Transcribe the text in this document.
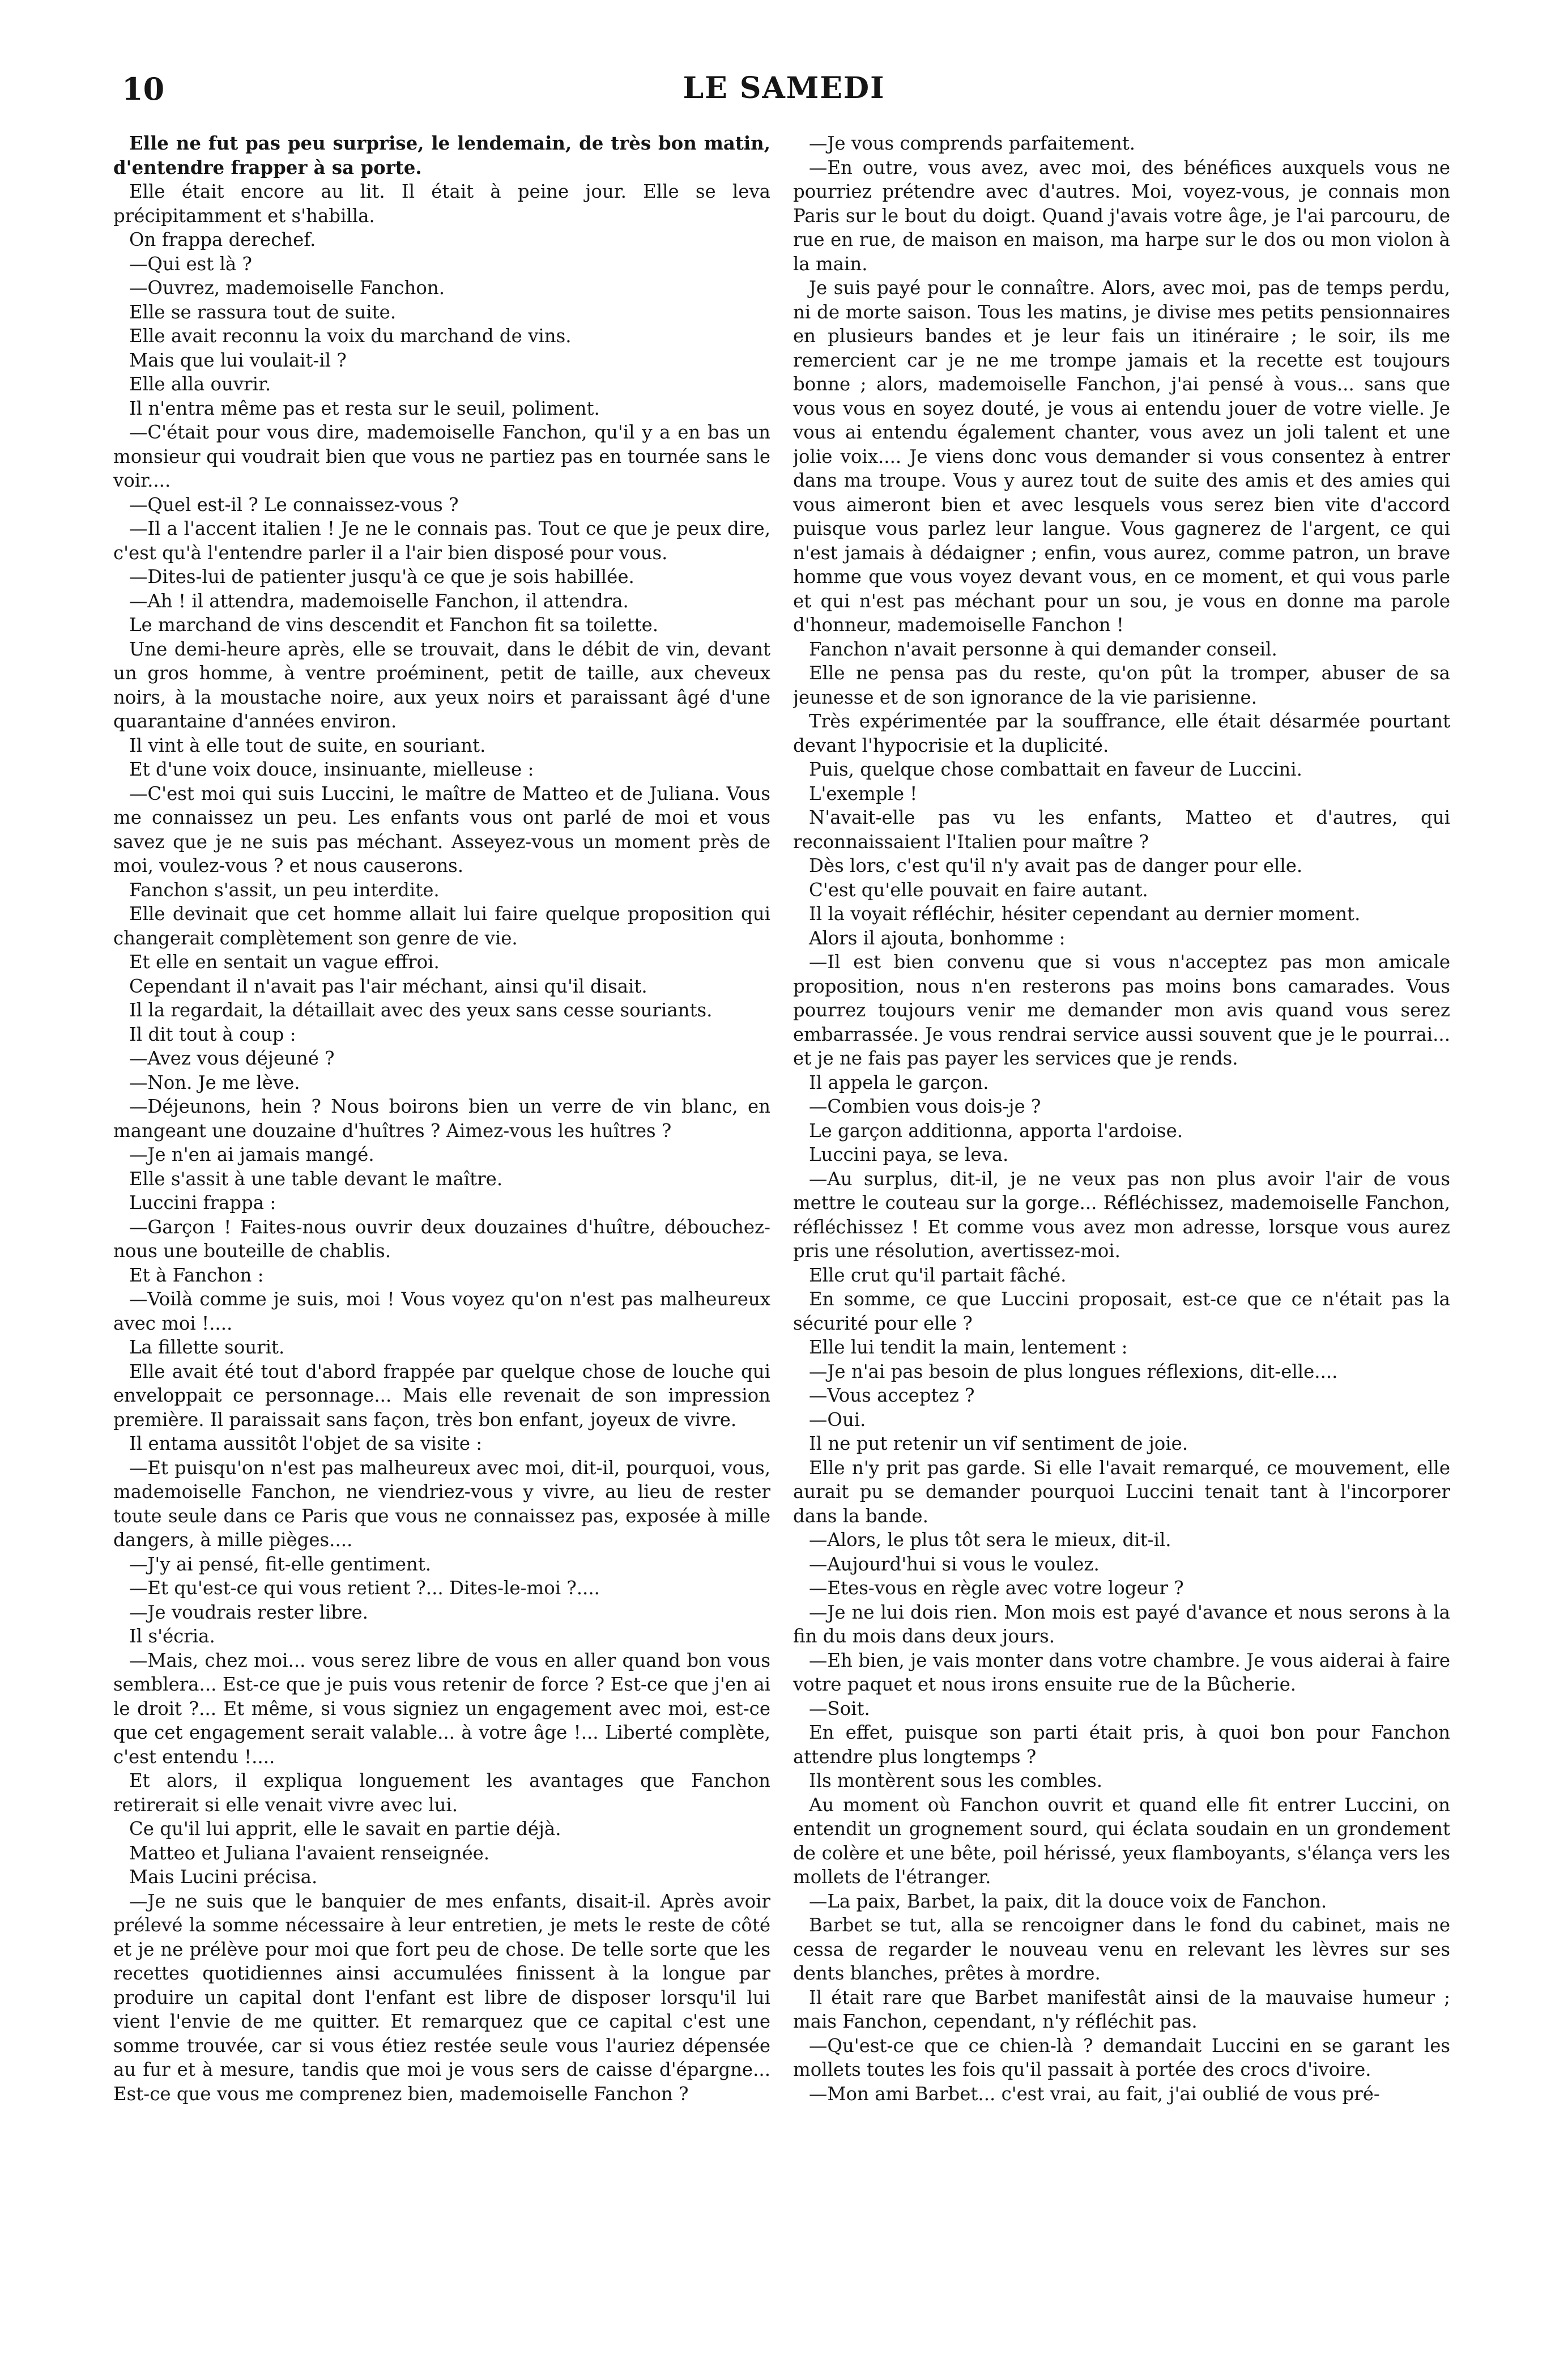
10	LE SAMEDI

Elle ne fut pas peu surprise, le lendemain, de très bon matin, d'entendre frapper à sa porte.

Elle était encore au lit. Il était à peine jour. Elle se leva précipitamment et s'habilla.

On frappa derechef.

—Qui est là ?

—Ouvrez, mademoiselle Fanchon.

Elle se rassura tout de suite.

Elle avait reconnu la voix du marchand de vins.

Mais que lui voulait-il ?

Elle alla ouvrir.

Il n'entra même pas et resta sur le seuil, poliment.

—C'était pour vous dire, mademoiselle Fanchon, qu'il y a en bas un monsieur qui voudrait bien que vous ne partiez pas en tournée sans le voir....

—Quel est-il ? Le connaissez-vous ?

—Il a l'accent italien ! Je ne le connais pas. Tout ce que je peux dire, c'est qu'à l'entendre parler il a l'air bien disposé pour vous.

—Dites-lui de patienter jusqu'à ce que je sois habillée.

—Ah ! il attendra, mademoiselle Fanchon, il attendra.

Le marchand de vins descendit et Fanchon fit sa toilette.

Une demi-heure après, elle se trouvait, dans le débit de vin, devant un gros homme, à ventre proéminent, petit de taille, aux cheveux noirs, à la moustache noire, aux yeux noirs et paraissant âgé d'une quarantaine d'années environ.

Il vint à elle tout de suite, en souriant.

Et d'une voix douce, insinuante, mielleuse :

—C'est moi qui suis Luccini, le maître de Matteo et de Juliana. Vous me connaissez un peu. Les enfants vous ont parlé de moi et vous savez que je ne suis pas méchant. Asseyez-vous un moment près de moi, voulez-vous ? et nous causerons.

Fanchon s'assit, un peu interdite.

Elle devinait que cet homme allait lui faire quelque proposition qui changerait complètement son genre de vie.

Et elle en sentait un vague effroi.

Cependant il n'avait pas l'air méchant, ainsi qu'il disait.

Il la regardait, la détaillait avec des yeux sans cesse souriants.

Il dit tout à coup :

—Avez vous déjeuné ?

—Non. Je me lève.

—Déjeunons, hein ? Nous boirons bien un verre de vin blanc, en mangeant une douzaine d'huîtres ? Aimez-vous les huîtres ?

—Je n'en ai jamais mangé.

Elle s'assit à une table devant le maître.

Luccini frappa :

—Garçon ! Faites-nous ouvrir deux douzaines d'huître, débouchez-nous une bouteille de chablis.

Et à Fanchon :

—Voilà comme je suis, moi ! Vous voyez qu'on n'est pas malheureux avec moi !....

La fillette sourit.

Elle avait été tout d'abord frappée par quelque chose de louche qui enveloppait ce personnage... Mais elle revenait de son impression première. Il paraissait sans façon, très bon enfant, joyeux de vivre.

Il entama aussitôt l'objet de sa visite :

—Et puisqu'on n'est pas malheureux avec moi, dit-il, pourquoi, vous, mademoiselle Fanchon, ne viendriez-vous y vivre, au lieu de rester toute seule dans ce Paris que vous ne connaissez pas, exposée à mille dangers, à mille pièges....

—J'y ai pensé, fit-elle gentiment.

—Et qu'est-ce qui vous retient ?... Dites-le-moi ?....

—Je voudrais rester libre.

Il s'écria.

—Mais, chez moi... vous serez libre de vous en aller quand bon vous semblera... Est-ce que je puis vous retenir de force ? Est-ce que j'en ai le droit ?... Et même, si vous signiez un engagement avec moi, est-ce que cet engagement serait valable... à votre âge !... Liberté complète, c'est entendu !....

Et alors, il expliqua longuement les avantages que Fanchon retirerait si elle venait vivre avec lui.

Ce qu'il lui apprit, elle le savait en partie déjà.

Matteo et Juliana l'avaient renseignée.

Mais Lucini précisa.

—Je ne suis que le banquier de mes enfants, disait-il. Après avoir prélevé la somme nécessaire à leur entretien, je mets le reste de côté et je ne prélève pour moi que fort peu de chose. De telle sorte que les recettes quotidiennes ainsi accumulées finissent à la longue par produire un capital dont l'enfant est libre de disposer lorsqu'il lui vient l'envie de me quitter. Et remarquez que ce capital c'est une somme trouvée, car si vous étiez restée seule vous l'auriez dépensée au fur et à mesure, tandis que moi je vous sers de caisse d'épargne... Est-ce que vous me comprenez bien, mademoiselle Fanchon ?

—Je vous comprends parfaitement.

—En outre, vous avez, avec moi, des bénéfices auxquels vous ne pourriez prétendre avec d'autres. Moi, voyez-vous, je connais mon Paris sur le bout du doigt. Quand j'avais votre âge, je l'ai parcouru, de rue en rue, de maison en maison, ma harpe sur le dos ou mon violon à la main.

Je suis payé pour le connaître. Alors, avec moi, pas de temps perdu, ni de morte saison. Tous les matins, je divise mes petits pensionnaires en plusieurs bandes et je leur fais un itinéraire ; le soir, ils me remercient car je ne me trompe jamais et la recette est toujours bonne ; alors, mademoiselle Fanchon, j'ai pensé à vous... sans que vous vous en soyez douté, je vous ai entendu jouer de votre vielle. Je vous ai entendu également chanter, vous avez un joli talent et une jolie voix.... Je viens donc vous demander si vous consentez à entrer dans ma troupe. Vous y aurez tout de suite des amis et des amies qui vous aimeront bien et avec lesquels vous serez bien vite d'accord puisque vous parlez leur langue. Vous gagnerez de l'argent, ce qui n'est jamais à dédaigner ; enfin, vous aurez, comme patron, un brave homme que vous voyez devant vous, en ce moment, et qui vous parle et qui n'est pas méchant pour un sou, je vous en donne ma parole d'honneur, mademoiselle Fanchon !

Fanchon n'avait personne à qui demander conseil.

Elle ne pensa pas du reste, qu'on pût la tromper, abuser de sa jeunesse et de son ignorance de la vie parisienne.

Très expérimentée par la souffrance, elle était désarmée pourtant devant l'hypocrisie et la duplicité.

Puis, quelque chose combattait en faveur de Luccini.

L'exemple !

N'avait-elle pas vu les enfants, Matteo et d'autres, qui reconnaissaient l'Italien pour maître ?

Dès lors, c'est qu'il n'y avait pas de danger pour elle.

C'est qu'elle pouvait en faire autant.

Il la voyait réfléchir, hésiter cependant au dernier moment.

Alors il ajouta, bonhomme :

—Il est bien convenu que si vous n'acceptez pas mon amicale proposition, nous n'en resterons pas moins bons camarades. Vous pourrez toujours venir me demander mon avis quand vous serez embarrassée. Je vous rendrai service aussi souvent que je le pourrai... et je ne fais pas payer les services que je rends.

Il appela le garçon.

—Combien vous dois-je ?

Le garçon additionna, apporta l'ardoise.

Luccini paya, se leva.

—Au surplus, dit-il, je ne veux pas non plus avoir l'air de vous mettre le couteau sur la gorge... Réfléchissez, mademoiselle Fanchon, réfléchissez ! Et comme vous avez mon adresse, lorsque vous aurez pris une résolution, avertissez-moi.

Elle crut qu'il partait fâché.

En somme, ce que Luccini proposait, est-ce que ce n'était pas la sécurité pour elle ?

Elle lui tendit la main, lentement :

—Je n'ai pas besoin de plus longues réflexions, dit-elle....

—Vous acceptez ?

—Oui.

Il ne put retenir un vif sentiment de joie.

Elle n'y prit pas garde. Si elle l'avait remarqué, ce mouvement, elle aurait pu se demander pourquoi Luccini tenait tant à l'incorporer dans la bande.

—Alors, le plus tôt sera le mieux, dit-il.

—Aujourd'hui si vous le voulez.

—Etes-vous en règle avec votre logeur ?

—Je ne lui dois rien. Mon mois est payé d'avance et nous serons à la fin du mois dans deux jours.

—Eh bien, je vais monter dans votre chambre. Je vous aiderai à faire votre paquet et nous irons ensuite rue de la Bûcherie.

—Soit.

En effet, puisque son parti était pris, à quoi bon pour Fanchon attendre plus longtemps ?

Ils montèrent sous les combles.

Au moment où Fanchon ouvrit et quand elle fit entrer Luccini, on entendit un grognement sourd, qui éclata soudain en un grondement de colère et une bête, poil hérissé, yeux flamboyants, s'élança vers les mollets de l'étranger.

—La paix, Barbet, la paix, dit la douce voix de Fanchon.

Barbet se tut, alla se rencoigner dans le fond du cabinet, mais ne cessa de regarder le nouveau venu en relevant les lèvres sur ses dents blanches, prêtes à mordre.

Il était rare que Barbet manifestât ainsi de la mauvaise humeur ; mais Fanchon, cependant, n'y réfléchit pas.

—Qu'est-ce que ce chien-là ? demandait Luccini en se garant les mollets toutes les fois qu'il passait à portée des crocs d'ivoire.

—Mon ami Barbet... c'est vrai, au fait, j'ai oublié de vous pré-
